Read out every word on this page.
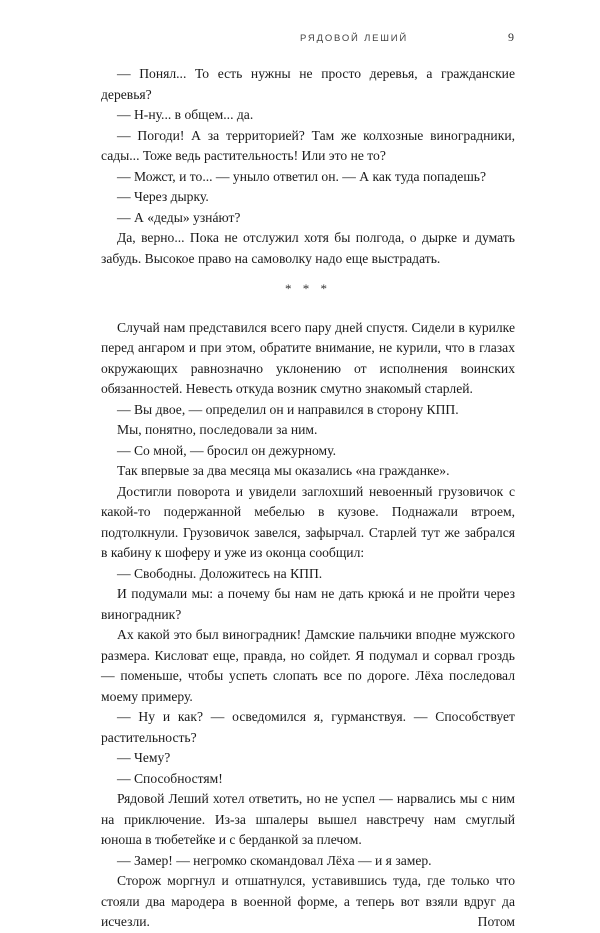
РЯДОВОЙ ЛЕШИЙ	9

— Понял... То есть нужны не просто деревья, а гражданские деревья?

— Н-ну... в общем... да.

— Погоди! А за территорией? Там же колхозные виноградники, сады... Тоже ведь растительность! Или это не то?

— Можст, и то... — уныло ответил он. — А как туда попадешь?

— Через дырку.

— А «деды» узнáют?

Да, верно... Пока не отслужил хотя бы полгода, о дырке и думать забудь. Высокое право на самоволку надо еще выстрадать.

* * *

Случай нам представился всего пару дней спустя. Сидели в курилке перед ангаром и при этом, обратите внимание, не курили, что в глазах окружающих равнозначно уклонению от исполнения воинских обязанностей. Невесть откуда возник смутно знакомый старлей.

— Вы двое, — определил он и направился в сторону КПП.

Мы, понятно, последовали за ним.

— Со мной, — бросил он дежурному.

Так впервые за два месяца мы оказались «на гражданке».

Достигли поворота и увидели заглохший невоенный грузовичок с какой-то подержанной мебелью в кузове. Поднажали втроем, подтолкнули. Грузовичок завелся, зафырчал. Старлей тут же забрался в кабину к шоферу и уже из оконца сообщил:

— Свободны. Доложитесь на КПП.

И подумали мы: а почему бы нам не дать крюкá и не пройти через виноградник?

Ах какой это был виноградник! Дамские пальчики вподне мужского размера. Кисловат еще, правда, но сойдет. Я подумал и сорвал гроздь — поменьше, чтобы успеть слопать все по дороге. Лёха последовал моему примеру.

— Ну и как? — осведомился я, гурманствуя. — Способствует растительность?

— Чему?

— Способностям!

Рядовой Леший хотел ответить, но не успел — нарвались мы с ним на приключение. Из-за шпалеры вышел навстречу нам смуглый юноша в тюбетейке и с берданкой за плечом.

— Замер! — негромко скомандовал Лёха — и я замер.

Сторож моргнул и отшатнулся, уставившись туда, где только что стояли два мародера в военной форме, а теперь вот взяли вдруг да исчезли. Потом
